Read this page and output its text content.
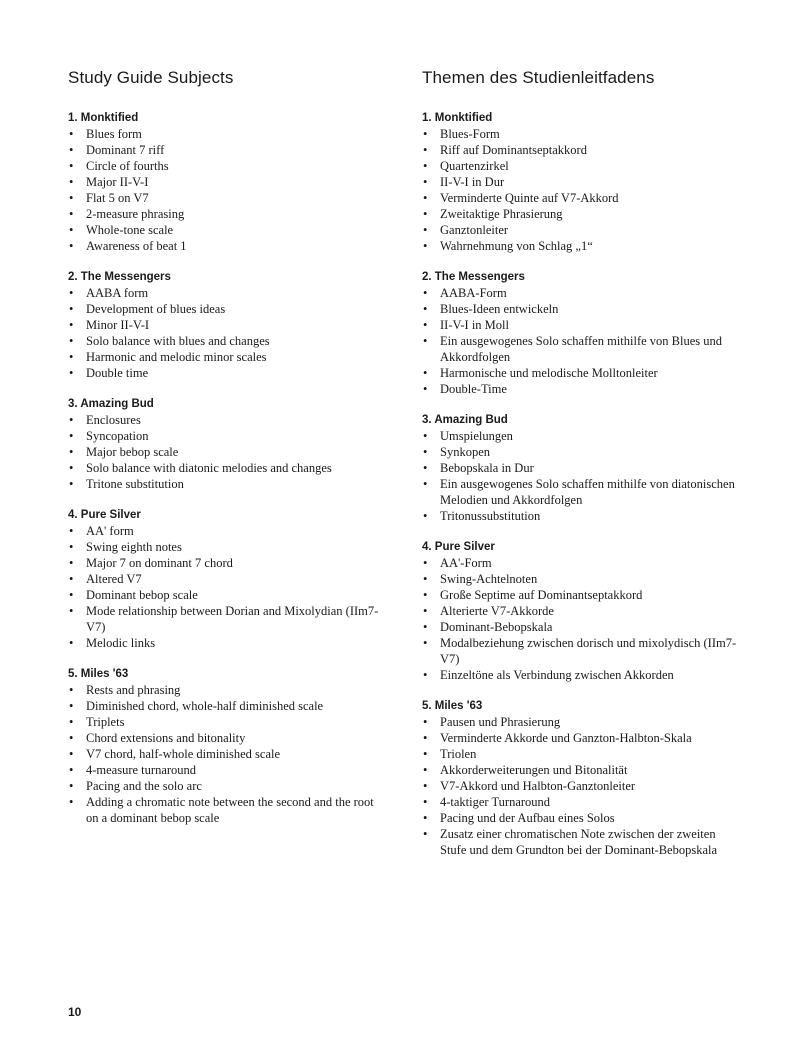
Study Guide Subjects
1. Monktified
• Blues form
• Dominant 7 riff
• Circle of fourths
• Major II-V-I
• Flat 5 on V7
• 2-measure phrasing
• Whole-tone scale
• Awareness of beat 1
2. The Messengers
• AABA form
• Development of blues ideas
• Minor II-V-I
• Solo balance with blues and changes
• Harmonic and melodic minor scales
• Double time
3. Amazing Bud
• Enclosures
• Syncopation
• Major bebop scale
• Solo balance with diatonic melodies and changes
• Tritone substitution
4. Pure Silver
• AA' form
• Swing eighth notes
• Major 7 on dominant 7 chord
• Altered V7
• Dominant bebop scale
• Mode relationship between Dorian and Mixolydian (IIm7-V7)
• Melodic links
5. Miles '63
• Rests and phrasing
• Diminished chord, whole-half diminished scale
• Triplets
• Chord extensions and bitonality
• V7 chord, half-whole diminished scale
• 4-measure turnaround
• Pacing and the solo arc
• Adding a chromatic note between the second and the root on a dominant bebop scale
Themen des Studienleitfadens
1. Monktified
• Blues-Form
• Riff auf Dominantseptakkord
• Quartenzirkel
• II-V-I in Dur
• Verminderte Quinte auf V7-Akkord
• Zweitaktige Phrasierung
• Ganztonleiter
• Wahrnehmung von Schlag „1“
2. The Messengers
• AABA-Form
• Blues-Ideen entwickeln
• II-V-I in Moll
• Ein ausgewogenes Solo schaffen mithilfe von Blues und Akkordfolgen
• Harmonische und melodische Molltonleiter
• Double-Time
3. Amazing Bud
• Umspielungen
• Synkopen
• Bebopskala in Dur
• Ein ausgewogenes Solo schaffen mithilfe von diatonischen Melodien und Akkordfolgen
• Tritonussubstitution
4. Pure Silver
• AA'-Form
• Swing-Achtelnoten
• Große Septime auf Dominantseptakkord
• Alterierte V7-Akkorde
• Dominant-Bebopskala
• Modalbeziehung zwischen dorisch und mixolydisch (IIm7-V7)
• Einzeltöne als Verbindung zwischen Akkorden
5. Miles '63
• Pausen und Phrasierung
• Verminderte Akkorde und Ganzton-Halbton-Skala
• Triolen
• Akkorderweiterungen und Bitonalität
• V7-Akkord und Halbton-Ganztonleiter
• 4-taktiger Turnaround
• Pacing und der Aufbau eines Solos
• Zusatz einer chromatischen Note zwischen der zweiten Stufe und dem Grundton bei der Dominant-Bebopskala
10
